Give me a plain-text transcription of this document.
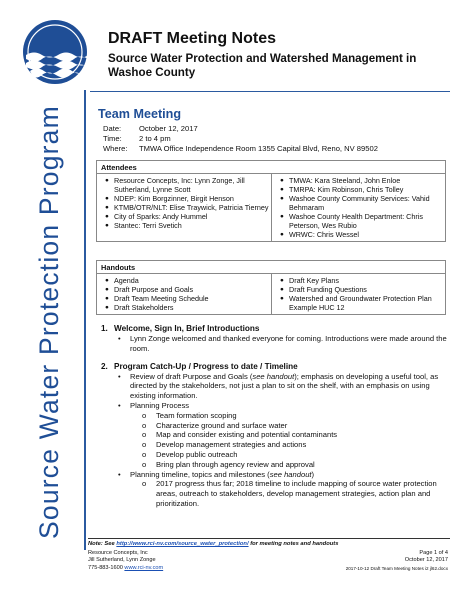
Source Water Protection Program
DRAFT Meeting Notes
Source Water Protection and Watershed Management in Washoe County
Team Meeting
Date:	October 12, 2017
Time:	2 to 4 pm
Where:	TMWA Office Independence Room 1355 Capital Blvd, Reno, NV 89502
Attendees
● Resource Concepts, Inc: Lynn Zonge, Jill Sutherland, Lynne Scott
● NDEP: Kim Borgzinner, Birgit Henson
● KTMB/OTR/NLT: Elise Traywick, Patricia Tierney
● City of Sparks: Andy Hummel
● Stantec: Terri Svetich
● TMWA: Kara Steeland, John Enloe
● TMRPA: Kim Robinson, Chris Tolley
● Washoe County Community Services: Vahid Behmaram
● Washoe County Health Department: Chris Peterson, Wes Rubio
● WRWC: Chris Wessel
Handouts
● Agenda
● Draft Purpose and Goals
● Draft Team Meeting Schedule
● Draft Stakeholders
● Draft Key Plans
● Draft Funding Questions
● Watershed and Groundwater Protection Plan Example HUC 12
1. Welcome, Sign In, Brief Introductions
•	Lynn Zonge welcomed and thanked everyone for coming. Introductions were made around the room.
2. Program Catch-Up / Progress to date / Timeline
•	Review of draft Purpose and Goals (see handout); emphasis on developing a useful tool, as directed by the stakeholders, not just a plan to sit on the shelf, with an emphasis on using existing information.
•	Planning Process
o	Team formation scoping
o	Characterize ground and surface water
o	Map and consider existing and potential contaminants
o	Develop management strategies and actions
o	Develop public outreach
o	Bring plan through agency review and approval
•	Planning timeline, topics and milestones (see handout)
o	2017 progress thus far; 2018 timeline to include mapping of source water protection areas, outreach to stakeholders, develop management strategies, action plan and prioritization.
Note: See http://www.rci-nv.com/source_water_protection/ for meeting notes and handouts
Resource Concepts, Inc
Jill Sutherland, Lynn Zonge
775-883-1600 www.rci-nv.com
Page 1 of 4
October 12, 2017
2017-10-12 Draft Team Meeting Notes i2 jl62.docx
